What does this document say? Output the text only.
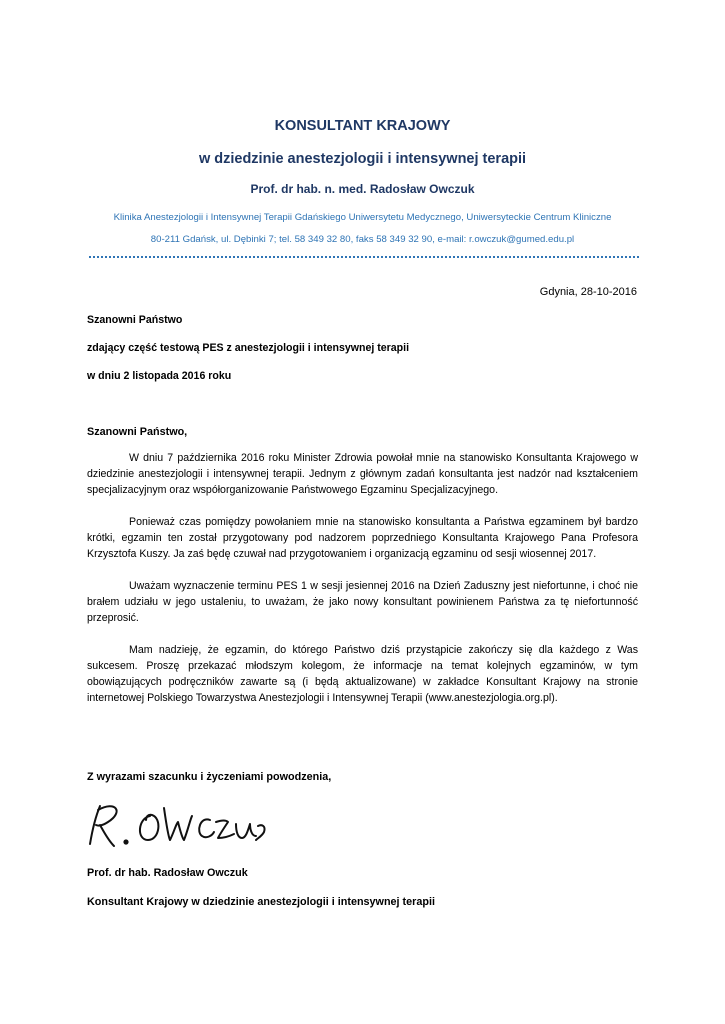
KONSULTANT KRAJOWY
w dziedzinie anestezjologii i intensywnej terapii
Prof. dr hab. n. med. Radosław Owczuk
Klinika Anestezjologii i Intensywnej Terapii Gdańskiego Uniwersytetu Medycznego, Uniwersyteckie Centrum Kliniczne
80-211 Gdańsk, ul. Dębinki 7; tel. 58 349 32 80, faks 58 349 32 90, e-mail: r.owczuk@gumed.edu.pl
Gdynia, 28-10-2016
Szanowni Państwo
zdający część testową PES z anestezjologii i intensywnej terapii
w dniu 2 listopada 2016 roku
Szanowni Państwo,

W dniu 7 października 2016 roku Minister Zdrowia powołał mnie na stanowisko Konsultanta Krajowego w dziedzinie anestezjologii i intensywnej terapii. Jednym z głównym zadań konsultanta jest nadzór nad kształceniem specjalizacyjnym oraz współorganizowanie Państwowego Egzaminu Specjalizacyjnego.

Ponieważ czas pomiędzy powołaniem mnie na stanowisko konsultanta a Państwa egzaminem był bardzo krótki, egzamin ten został przygotowany pod nadzorem poprzedniego Konsultanta Krajowego Pana Profesora Krzysztofa Kuszy. Ja zaś będę czuwał nad przygotowaniem i organizacją egzaminu od sesji wiosennej 2017.

Uważam wyznaczenie terminu PES 1 w sesji jesiennej 2016 na Dzień Zaduszny jest niefortunne, i choć nie brałem udziału w jego ustaleniu, to uważam, że jako nowy konsultant powinienem Państwa za tę niefortunność przeprosić.

Mam nadzieję, że egzamin, do którego Państwo dziś przystąpicie zakończy się dla każdego z Was sukcesem. Proszę przekazać młodszym kolegom, że informacje na temat kolejnych egzaminów, w tym obowiązujących podręczników zawarte są (i będą aktualizowane) w zakładce Konsultant Krajowy na stronie internetowej Polskiego Towarzystwa Anestezjologii i Intensywnej Terapii (www.anestezjologia.org.pl).

Z wyrazami szacunku i życzeniami powodzenia,
Prof. dr hab. Radosław Owczuk
Konsultant Krajowy w dziedzinie anestezjologii i intensywnej terapii
